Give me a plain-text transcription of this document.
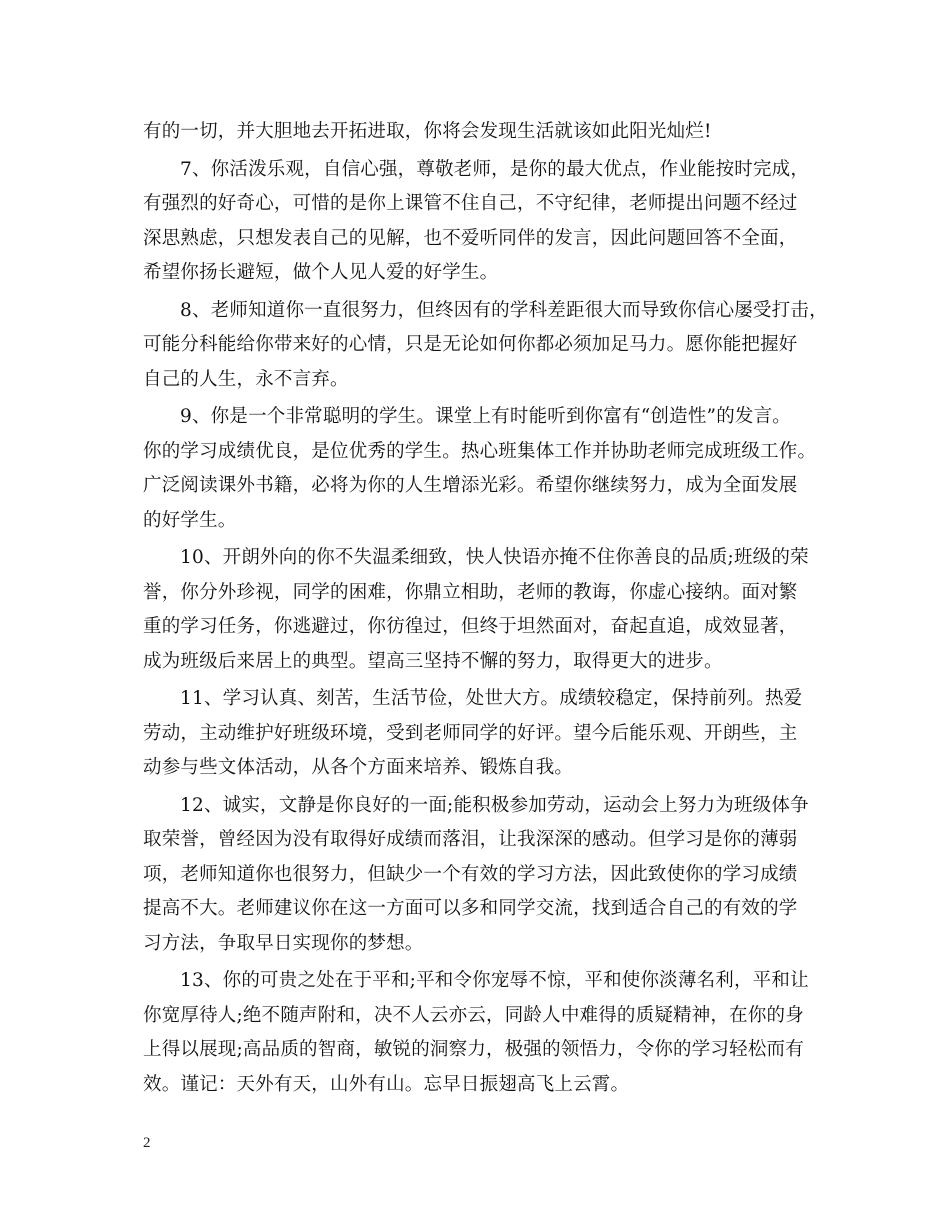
有的一切，并大胆地去开拓进取，你将会发现生活就该如此阳光灿烂!

7、你活泼乐观，自信心强，尊敬老师，是你的最大优点，作业能按时完成，
有强烈的好奇心，可惜的是你上课管不住自己，不守纪律，老师提出问题不经过
深思熟虑，只想发表自己的见解，也不爱听同伴的发言，因此问题回答不全面，
希望你扬长避短，做个人见人爱的好学生。

8、老师知道你一直很努力，但终因有的学科差距很大而导致你信心屡受打击，
可能分科能给你带来好的心情，只是无论如何你都必须加足马力。愿你能把握好
自己的人生，永不言弃。

9、你是一个非常聪明的学生。课堂上有时能听到你富有“创造性”的发言。
你的学习成绩优良，是位优秀的学生。热心班集体工作并协助老师完成班级工作。
广泛阅读课外书籍，必将为你的人生增添光彩。希望你继续努力，成为全面发展
的好学生。

10、开朗外向的你不失温柔细致，快人快语亦掩不住你善良的品质;班级的荣
誉，你分外珍视，同学的困难，你鼎立相助，老师的教诲，你虚心接纳。面对繁
重的学习任务，你逃避过，你彷徨过，但终于坦然面对，奋起直追，成效显著，
成为班级后来居上的典型。望高三坚持不懈的努力，取得更大的进步。

11、学习认真、刻苦，生活节俭，处世大方。成绩较稳定，保持前列。热爱
劳动，主动维护好班级环境，受到老师同学的好评。望今后能乐观、开朗些，主
动参与些文体活动，从各个方面来培养、锻炼自我。

12、诚实，文静是你良好的一面;能积极参加劳动，运动会上努力为班级体争
取荣誉，曾经因为没有取得好成绩而落泪，让我深深的感动。但学习是你的薄弱
项，老师知道你也很努力，但缺少一个有效的学习方法，因此致使你的学习成绩
提高不大。老师建议你在这一方面可以多和同学交流，找到适合自己的有效的学
习方法，争取早日实现你的梦想。

13、你的可贵之处在于平和;平和令你宠辱不惊，平和使你淡薄名利，平和让
你宽厚待人;绝不随声附和，决不人云亦云，同龄人中难得的质疑精神，在你的身
上得以展现;高品质的智商，敏锐的洞察力，极强的领悟力，令你的学习轻松而有
效。谨记：天外有天，山外有山。忘早日振翅高飞上云霄。

2
